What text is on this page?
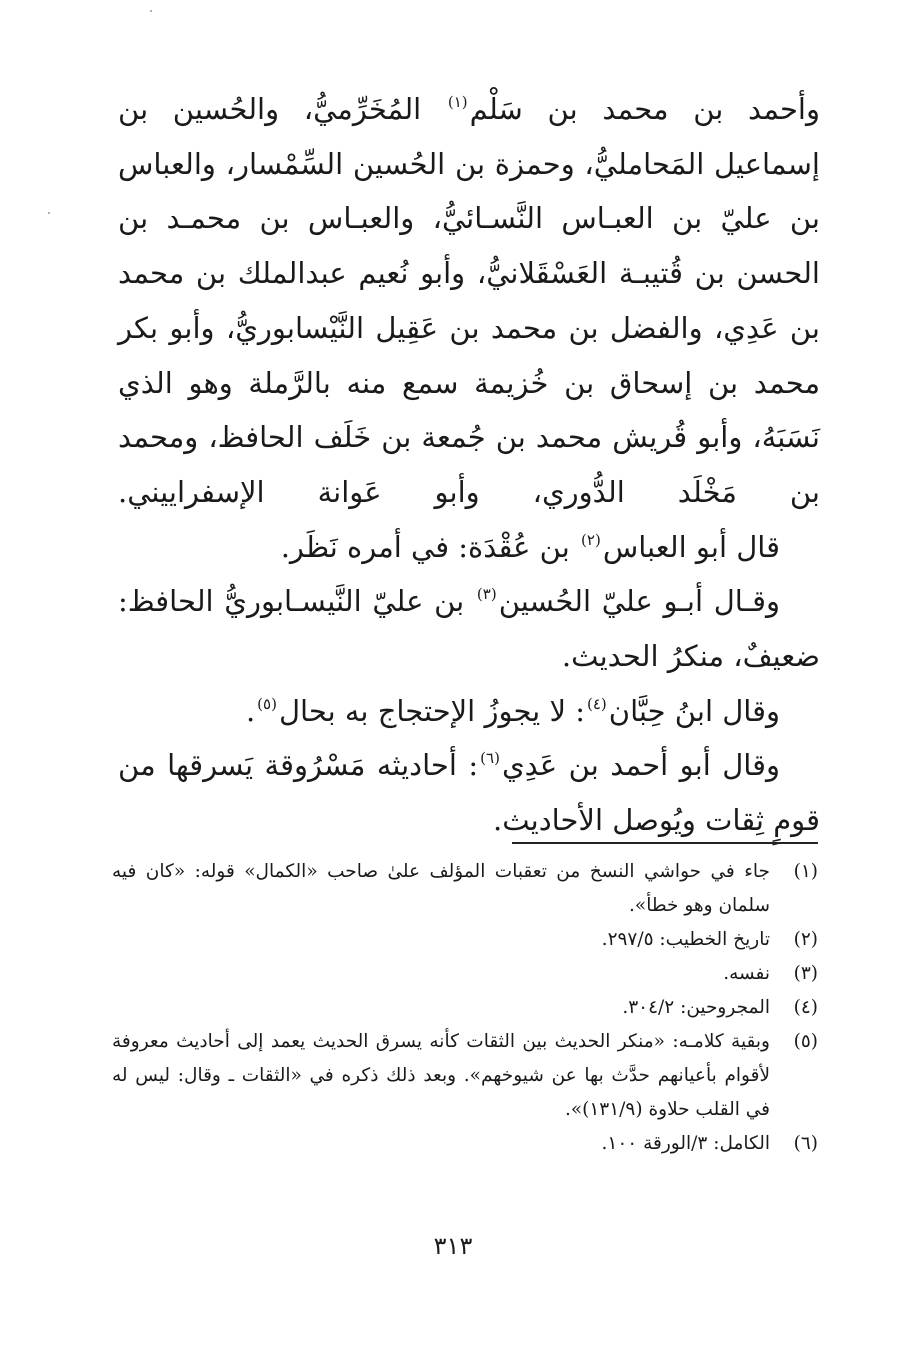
وأحمد بن محمد بن سَلْم$^{(١)}$ المُخَرِّميُّ، والحُسين بن إسماعيل المَحامليُّ، وحمزة بن الحُسين السِّمْسار، والعباس بن عليّ بن العبـاس النَّسـائيُّ، والعبـاس بن محمـد بن الحسن بن قُتيبـة العَسْقَلانيُّ، وأبو نُعيم عبدالملك بن محمد بن عَدِي، والفضل بن محمد بن عَقِيل النَّيْسابوريُّ، وأبو بكر محمد بن إسحاق بن خُزيمة سمع منه بالرَّملة وهو الذي نَسَبَهُ، وأبو قُريش محمد بن جُمعة بن خَلَف الحافظ، ومحمد بن مَخْلَد الدُّوري، وأبو عَوانة الإسفراييني.

قال أبو العباس$^{(٢)}$ بن عُقْدَة: في أمره نَظَر.

وقـال أبـو عليّ الحُسين$^{(٣)}$ بن عليّ النَّيسـابوريُّ الحافظ: ضعيفٌ، منكرُ الحديث.

وقال ابنُ حِبَّان$^{(٤)}$: لا يجوزُ الإحتجاج به بحال$^{(٥)}$.

وقال أبو أحمد بن عَدِي$^{(٦)}$: أحاديثه مَسْرُوقة يَسرقها من قومٍ ثِقات ويُوصل الأحاديث.

(١)
جاء في حواشي النسخ من تعقبات المؤلف علىٰ صاحب «الكمال» قوله: «كان فيه سلمان وهو خطأ».
(٢)
تاريخ الخطيب: ٢٩٧/٥.
(٣)
نفسه.
(٤)
المجروحين: ٣٠٤/٢.
(٥)
وبقية كلامـه: «منكر الحديث بين الثقات كأنه يسرق الحديث يعمد إلى أحاديث معروفة لأقوام بأعيانهم حدَّث بها عن شيوخهم». وبعد ذلك ذكره في «الثقات ـ وقال: ليس له في القلب حلاوة (١٣١/٩)».
(٦)
الكامل: ٣/الورقة ١٠٠.
٣١٣
